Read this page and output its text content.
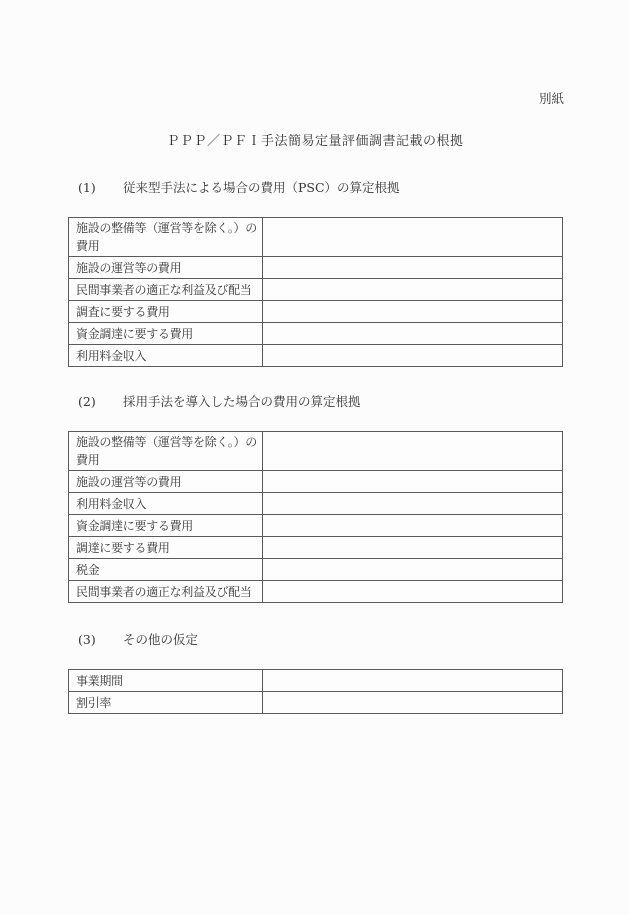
別紙
ＰＰＰ／ＰＦＩ手法簡易定量評価調書記載の根拠
(1) 従来型手法による場合の費用（PSC）の算定根拠
施設の整備等（運営等を除く。）の費用	
施設の運営等の費用	
民間事業者の適正な利益及び配当	
調査に要する費用	
資金調達に要する費用	
利用料金収入	
(2) 採用手法を導入した場合の費用の算定根拠
施設の整備等（運営等を除く。）の費用	
施設の運営等の費用	
利用料金収入	
資金調達に要する費用	
調達に要する費用	
税金	
民間事業者の適正な利益及び配当	
(3) その他の仮定
事業期間	
割引率	
